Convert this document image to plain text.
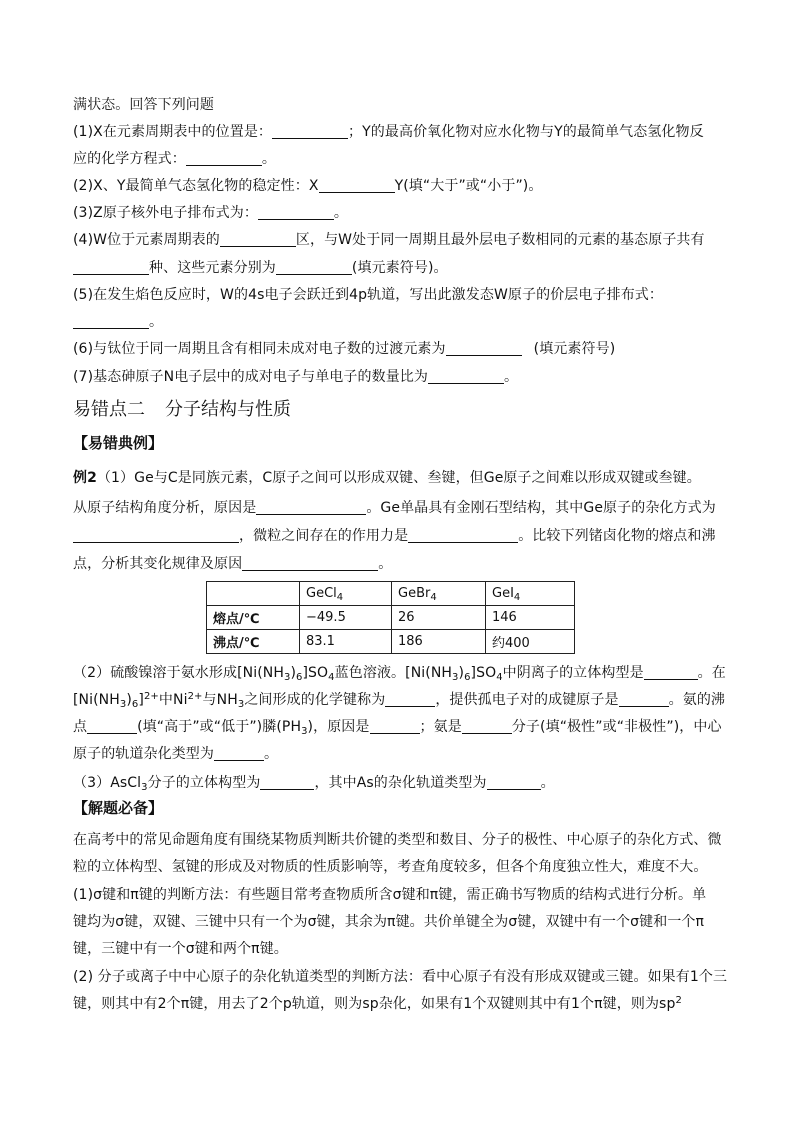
满状态。回答下列问题
(1)X在元素周期表中的位置是：	；Y的最高价氧化物对应水化物与Y的最简单气态氢化物反
应的化学方程式：	。
(2)X、Y最简单气态氢化物的稳定性：X	Y(填“大于”或“小于”)。
(3)Z原子核外电子排布式为：	。
(4)W位于元素周期表的	区，与W处于同一周期且最外层电子数相同的元素的基态原子共有
种、这些元素分别为	(填元素符号)。
(5)在发生焰色反应时，W的4s电子会跃迁到4p轨道，写出此激发态W原子的价层电子排布式：
。
(6)与钛位于同一周期且含有相同未成对电子数的过渡元素为	(填元素符号)
(7)基态砷原子N电子层中的成对电子与单电子的数量比为	。
易错点二 分子结构与性质
【易错典例】
例2（1）Ge与C是同族元素，C原子之间可以形成双键、叁键，但Ge原子之间难以形成双键或叁键。
从原子结构角度分析，原因是	。Ge单晶具有金刚石型结构，其中Ge原子的杂化方式为
，微粒之间存在的作用力是	。比较下列锗卤化物的熔点和沸
点，分析其变化规律及原因	。
	GeCl$_4$	GeBr$_4$	GeI$_4$
熔点/℃	−49.5	26	146
沸点/℃	83.1	186	约400
（2）硫酸镍溶于氨水形成$[Ni(NH_3)_6]SO_4$蓝色溶液。$[Ni(NH_3)_6]SO_4$中阴离子的立体构型是	。在
$[Ni(NH_3)_6]^{2+}$中$Ni^{2+}$与$NH_3$之间形成的化学键称为	，提供孤电子对的成键原子是	。氨的沸
点	(填“高于”或“低于”)膦$(PH_3)$，原因是	；氨是	分子(填“极性”或“非极性”)，中心
原子的轨道杂化类型为	。
（3）AsCl$_3$分子的立体构型为	，其中As的杂化轨道类型为	。
【解题必备】
在高考中的常见命题角度有围绕某物质判断共价键的类型和数目、分子的极性、中心原子的杂化方式、微
粒的立体构型、氢键的形成及对物质的性质影响等，考查角度较多，但各个角度独立性大，难度不大。
(1)σ键和π键的判断方法：有些题目常考查物质所含σ键和π键，需正确书写物质的结构式进行分析。单
键均为σ键，双键、三键中只有一个为σ键，其余为π键。共价单键全为σ键，双键中有一个σ键和一个π
键，三键中有一个σ键和两个π键。
(2) 分子或离子中中心原子的杂化轨道类型的判断方法：看中心原子有没有形成双键或三键。如果有1个三
键，则其中有2个π键，用去了2个p轨道，则为sp杂化，如果有1个双键则其中有1个π键，则为$sp^2$
